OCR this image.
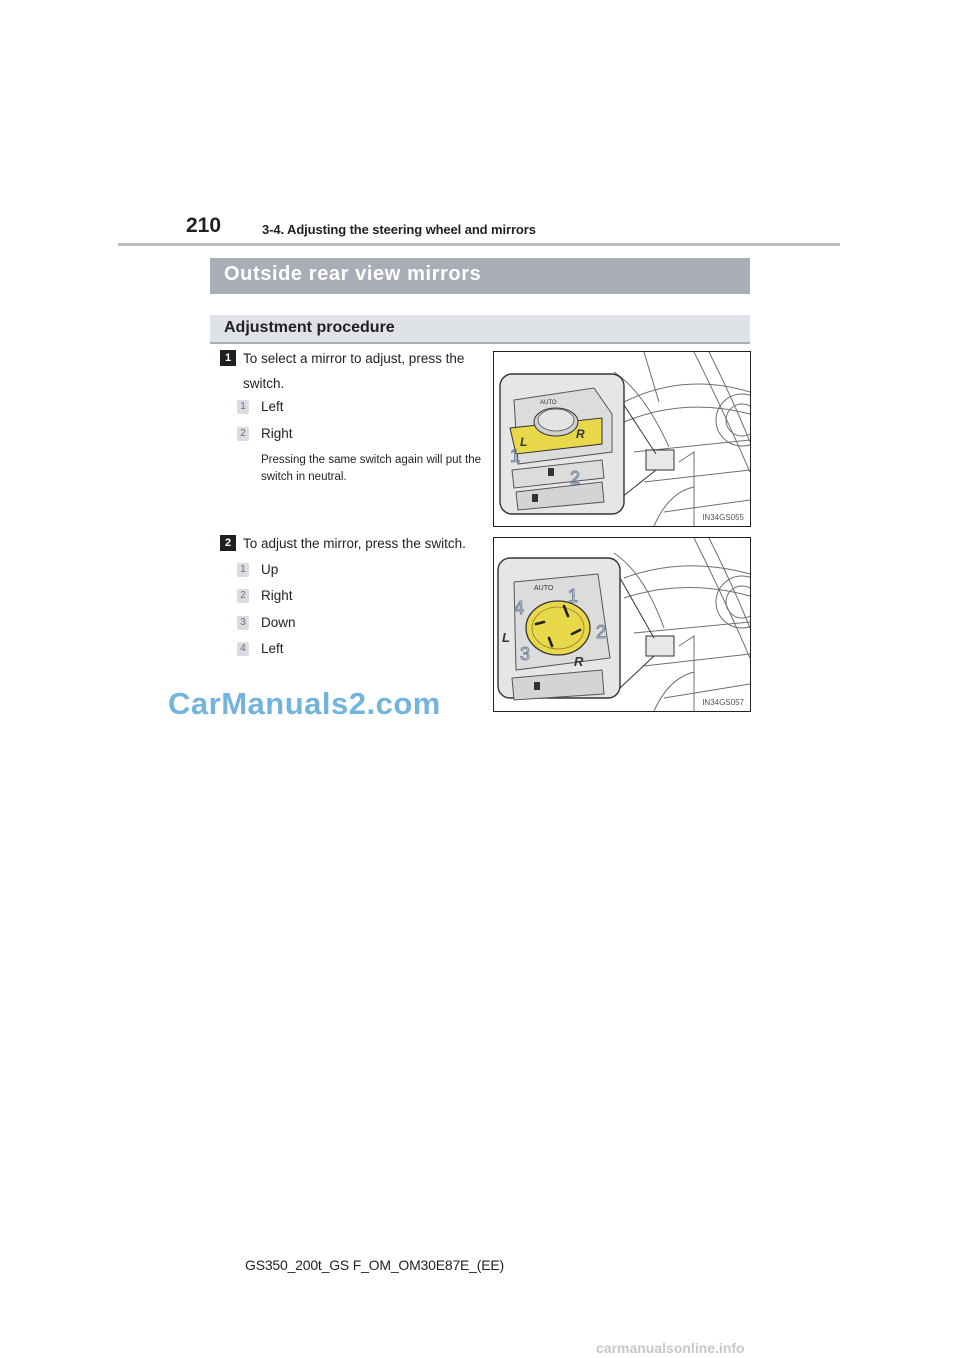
210	3-4. Adjusting the steering wheel and mirrors
Outside rear view mirrors
Adjustment procedure
1 To select a mirror to adjust, press the
switch.
1 Left
2 Right
Pressing the same switch again will put the switch in neutral.
AUTO
L
R
1
2
IN34GS055
2 To adjust the mirror, press the switch.
1 Up
2 Right
3 Down
4 Left
AUTO
L
R
1
2
3
4
IN34GS057
CarManuals2.com
GS350_200t_GS F_OM_OM30E87E_(EE)
carmanualsonline.info
